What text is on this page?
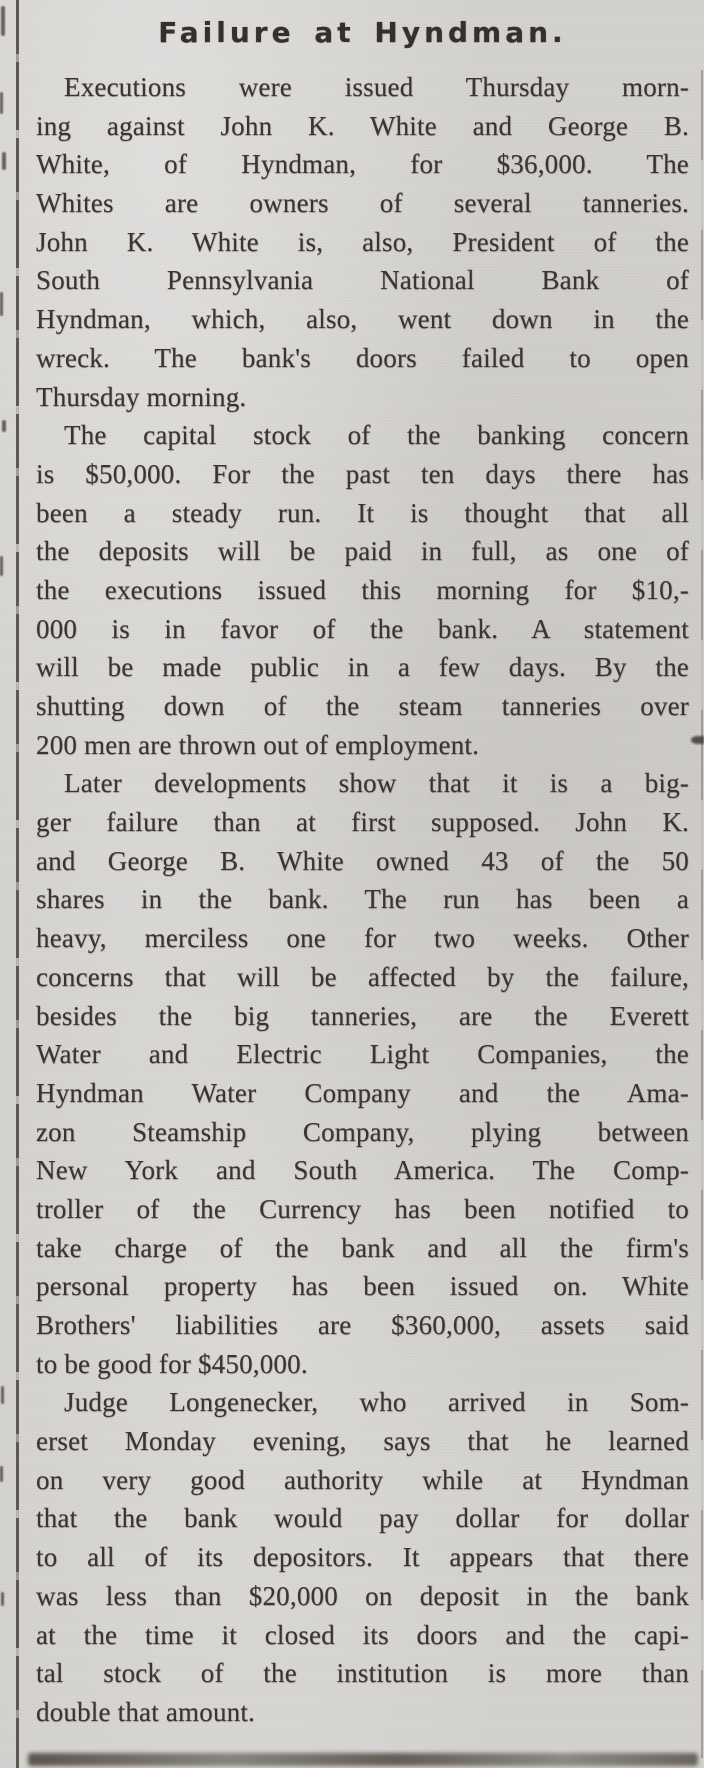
Failure at Hyndman.
Executions were issued Thursday morn-
ing against John K. White and George B.
White, of Hyndman, for $36,000. The
Whites are owners of several tanneries.
John K. White is, also, President of the
South Pennsylvania National Bank of
Hyndman, which, also, went down in the
wreck. The bank's doors failed to open
Thursday morning.
The capital stock of the banking concern
is $50,000. For the past ten days there has
been a steady run. It is thought that all
the deposits will be paid in full, as one of
the executions issued this morning for $10,-
000 is in favor of the bank. A statement
will be made public in a few days. By the
shutting down of the steam tanneries over
200 men are thrown out of employment.
Later developments show that it is a big-
ger failure than at first supposed. John K.
and George B. White owned 43 of the 50
shares in the bank. The run has been a
heavy, merciless one for two weeks. Other
concerns that will be affected by the failure,
besides the big tanneries, are the Everett
Water and Electric Light Companies, the
Hyndman Water Company and the Ama-
zon Steamship Company, plying between
New York and South America. The Comp-
troller of the Currency has been notified to
take charge of the bank and all the firm's
personal property has been issued on. White
Brothers' liabilities are $360,000, assets said
to be good for $450,000.
Judge Longenecker, who arrived in Som-
erset Monday evening, says that he learned
on very good authority while at Hyndman
that the bank would pay dollar for dollar
to all of its depositors. It appears that there
was less than $20,000 on deposit in the bank
at the time it closed its doors and the capi-
tal stock of the institution is more than
double that amount.
